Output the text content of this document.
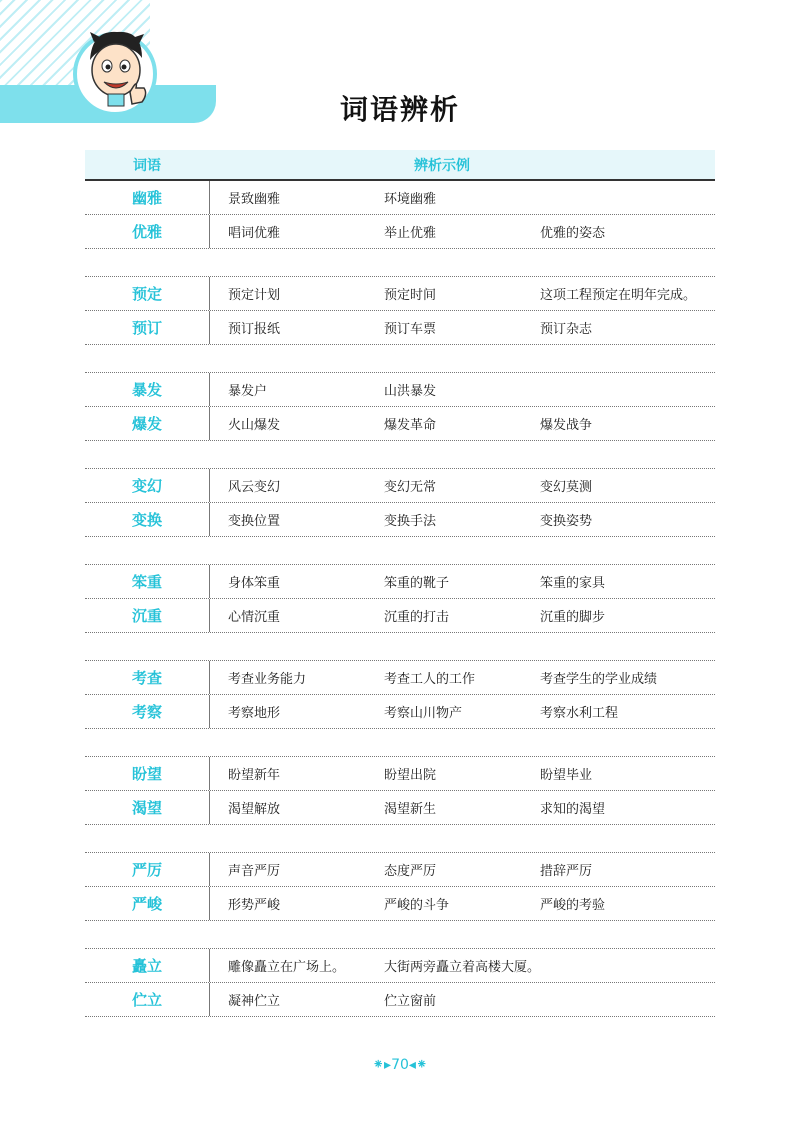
词语辨析
词语	辨析示例
幽雅	景致幽雅	环境幽雅
优雅	唱词优雅	举止优雅	优雅的姿态
预定	预定计划	预定时间	这项工程预定在明年完成。
预订	预订报纸	预订车票	预订杂志
暴发	暴发户	山洪暴发
爆发	火山爆发	爆发革命	爆发战争
变幻	风云变幻	变幻无常	变幻莫测
变换	变换位置	变换手法	变换姿势
笨重	身体笨重	笨重的靴子	笨重的家具
沉重	心情沉重	沉重的打击	沉重的脚步
考查	考查业务能力	考查工人的工作	考查学生的学业成绩
考察	考察地形	考察山川物产	考察水利工程
盼望	盼望新年	盼望出院	盼望毕业
渴望	渴望解放	渴望新生	求知的渴望
严厉	声音严厉	态度严厉	措辞严厉
严峻	形势严峻	严峻的斗争	严峻的考验
矗立	雕像矗立在广场上。	大街两旁矗立着高楼大厦。
伫立	凝神伫立	伫立窗前
⁕▸70◂⁕
